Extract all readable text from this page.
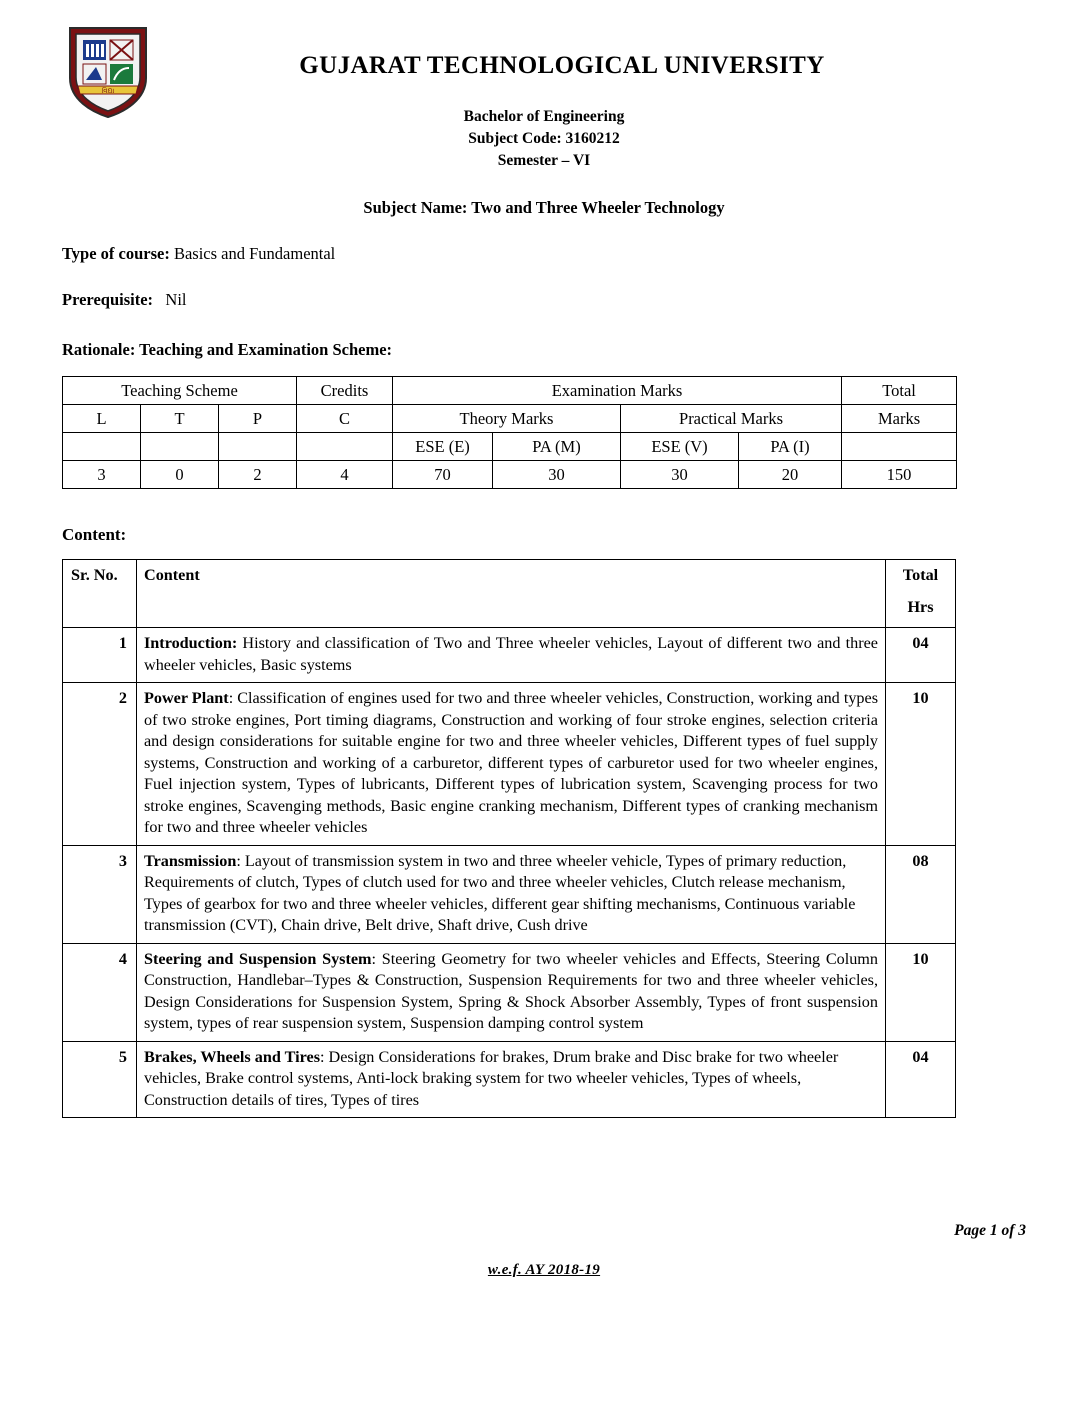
વિદ્યા
GUJARAT TECHNOLOGICAL UNIVERSITY
Bachelor of Engineering
Subject Code: 3160212
Semester – VI
Subject Name: Two and Three Wheeler Technology
Type of course: Basics and Fundamental
Prerequisite: Nil
Rationale: Teaching and Examination Scheme:
Teaching Scheme			Credits	Examination Marks				Total
L	T	P	C	Theory Marks		Practical Marks		Marks
				ESE (E)	PA (M)	ESE (V)	PA (I)	
3	0	2	4	70	30	30	20	150
Content:
Sr. No.	Content	Total
Hrs

1	Introduction: History and classification of Two and Three wheeler vehicles, Layout of different two and three wheeler vehicles, Basic systems	04
2	Power Plant: Classification of engines used for two and three wheeler vehicles, Construction, working and types of two stroke engines, Port timing diagrams, Construction and working of four stroke engines, selection criteria and design considerations for suitable engine for two and three wheeler vehicles, Different types of fuel supply systems, Construction and working of a carburetor, different types of carburetor used for two wheeler engines, Fuel injection system, Types of lubricants, Different types of lubrication system, Scavenging process for two stroke engines, Scavenging methods, Basic engine cranking mechanism, Different types of cranking mechanism for two and three wheeler vehicles	10
3	Transmission: Layout of transmission system in two and three wheeler vehicle, Types of primary reduction, Requirements of clutch, Types of clutch used for two and three wheeler vehicles, Clutch release mechanism, Types of gearbox for two and three wheeler vehicles, different gear shifting mechanisms, Continuous variable transmission (CVT), Chain drive, Belt drive, Shaft drive, Cush drive	08
4	Steering and Suspension System: Steering Geometry for two wheeler vehicles and Effects, Steering Column Construction, Handlebar–Types & Construction, Suspension Requirements for two and three wheeler vehicles, Design Considerations for Suspension System, Spring & Shock Absorber Assembly, Types of front suspension system, types of rear suspension system, Suspension damping control system	10
5	Brakes, Wheels and Tires: Design Considerations for brakes, Drum brake and Disc brake for two wheeler vehicles, Brake control systems, Anti-lock braking system for two wheeler vehicles, Types of wheels, Construction details of tires, Types of tires	04
Page 1 of 3
w.e.f. AY 2018-19
